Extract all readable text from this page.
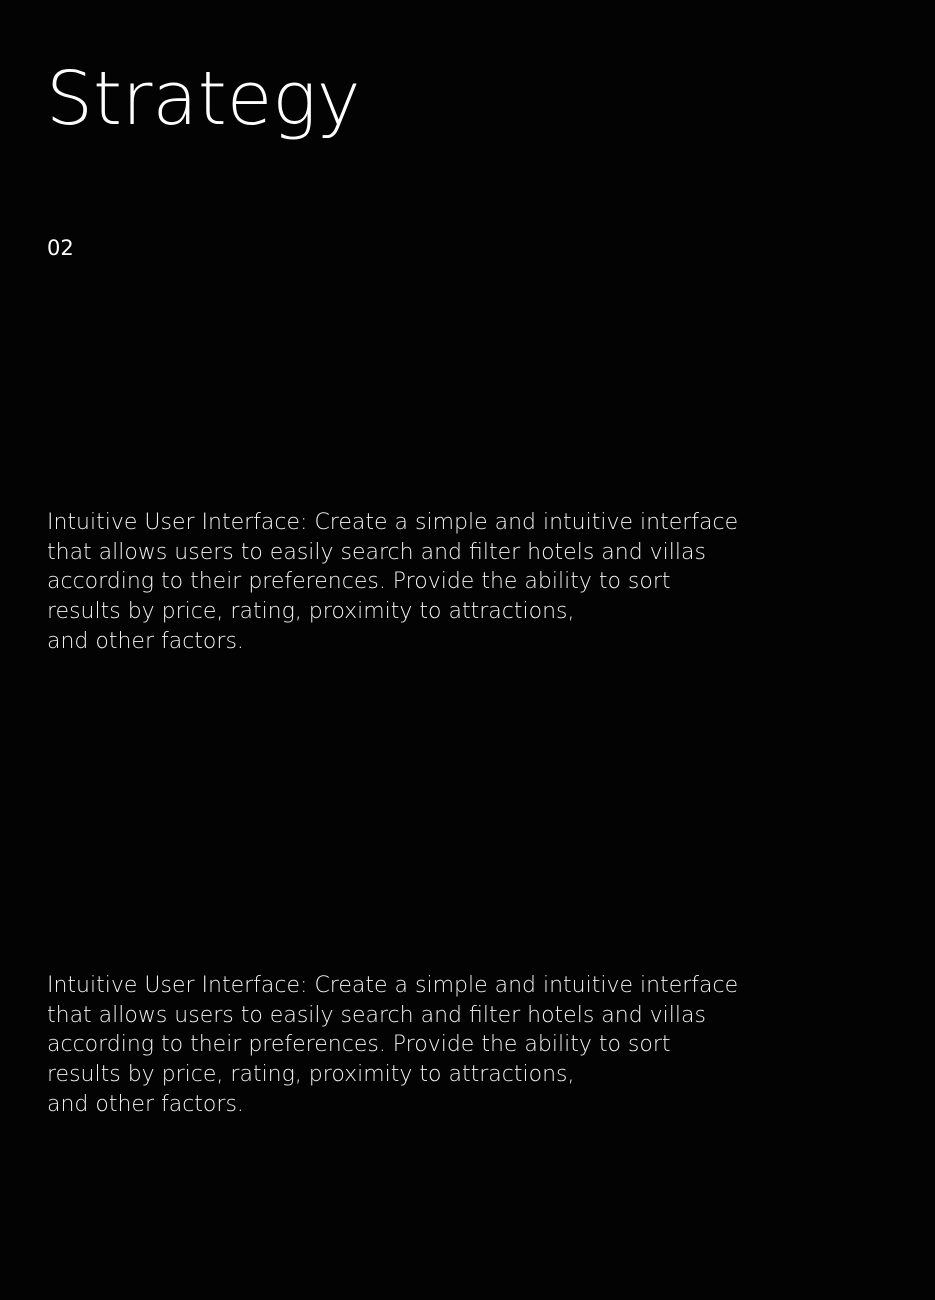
Strategy
02

Intuitive User Interface: Create a simple and intuitive interface
that allows users to easily search and filter hotels and villas
according to their preferences. Provide the ability to sort
results by price, rating, proximity to attractions,
and other factors.

Intuitive User Interface: Create a simple and intuitive interface
that allows users to easily search and filter hotels and villas
according to their preferences. Provide the ability to sort
results by price, rating, proximity to attractions,
and other factors.
